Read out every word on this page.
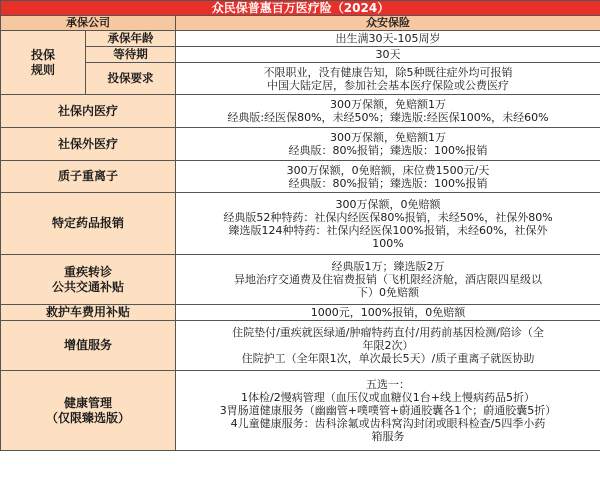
众民保普惠百万医疗险（2024）		
承保公司		众安保险

投保
规则	承保年龄	出生满30天-105周岁
	等待期	30天
	投保要求	不限职业，没有健康告知，除5种既往症外均可报销
中国大陆定居，参加社会基本医疗保险或公费医疗

社保内医疗		300万保额，免赔额1万
经典版:经医保80%，未经50%；臻选版:经医保100%，未经60%

社保外医疗		300万保额，免赔额1万
经典版：80%报销；臻选版：100%报销

质子重离子		300万保额，0免赔额，床位费1500元/天
经典版：80%报销；臻选版：100%报销

特定药品报销		300万保额，0免赔额
经典版52种特药：社保内经医保80%报销，未经50%，社保外80%
臻选版124种特药：社保内经医保100%报销，未经60%，社保外
100%

重疾转诊
公共交通补贴		经典版1万；臻选版2万
异地治疗交通费及住宿费报销（飞机限经济舱，酒店限四星级以
下）0免赔额

救护车费用补贴		1000元，100%报销，0免赔额

增值服务		住院垫付/重疾就医绿通/肿瘤特药直付/用药前基因检测/陪诊（全
年限2次）
住院护工（全年限1次，单次最长5天）/质子重离子就医协助

健康管理
（仅限臻选版）		五选一：
1体检/2慢病管理（血压仪或血糖仪1台+线上慢病药品5折）
3胃肠道健康服务（幽幽管+噗噗管+蔚通胶囊各1个；蔚通胶囊5折）
4儿童健康服务：齿科涂氟或齿科窝沟封闭或眼科检查/5四季小药
箱服务
